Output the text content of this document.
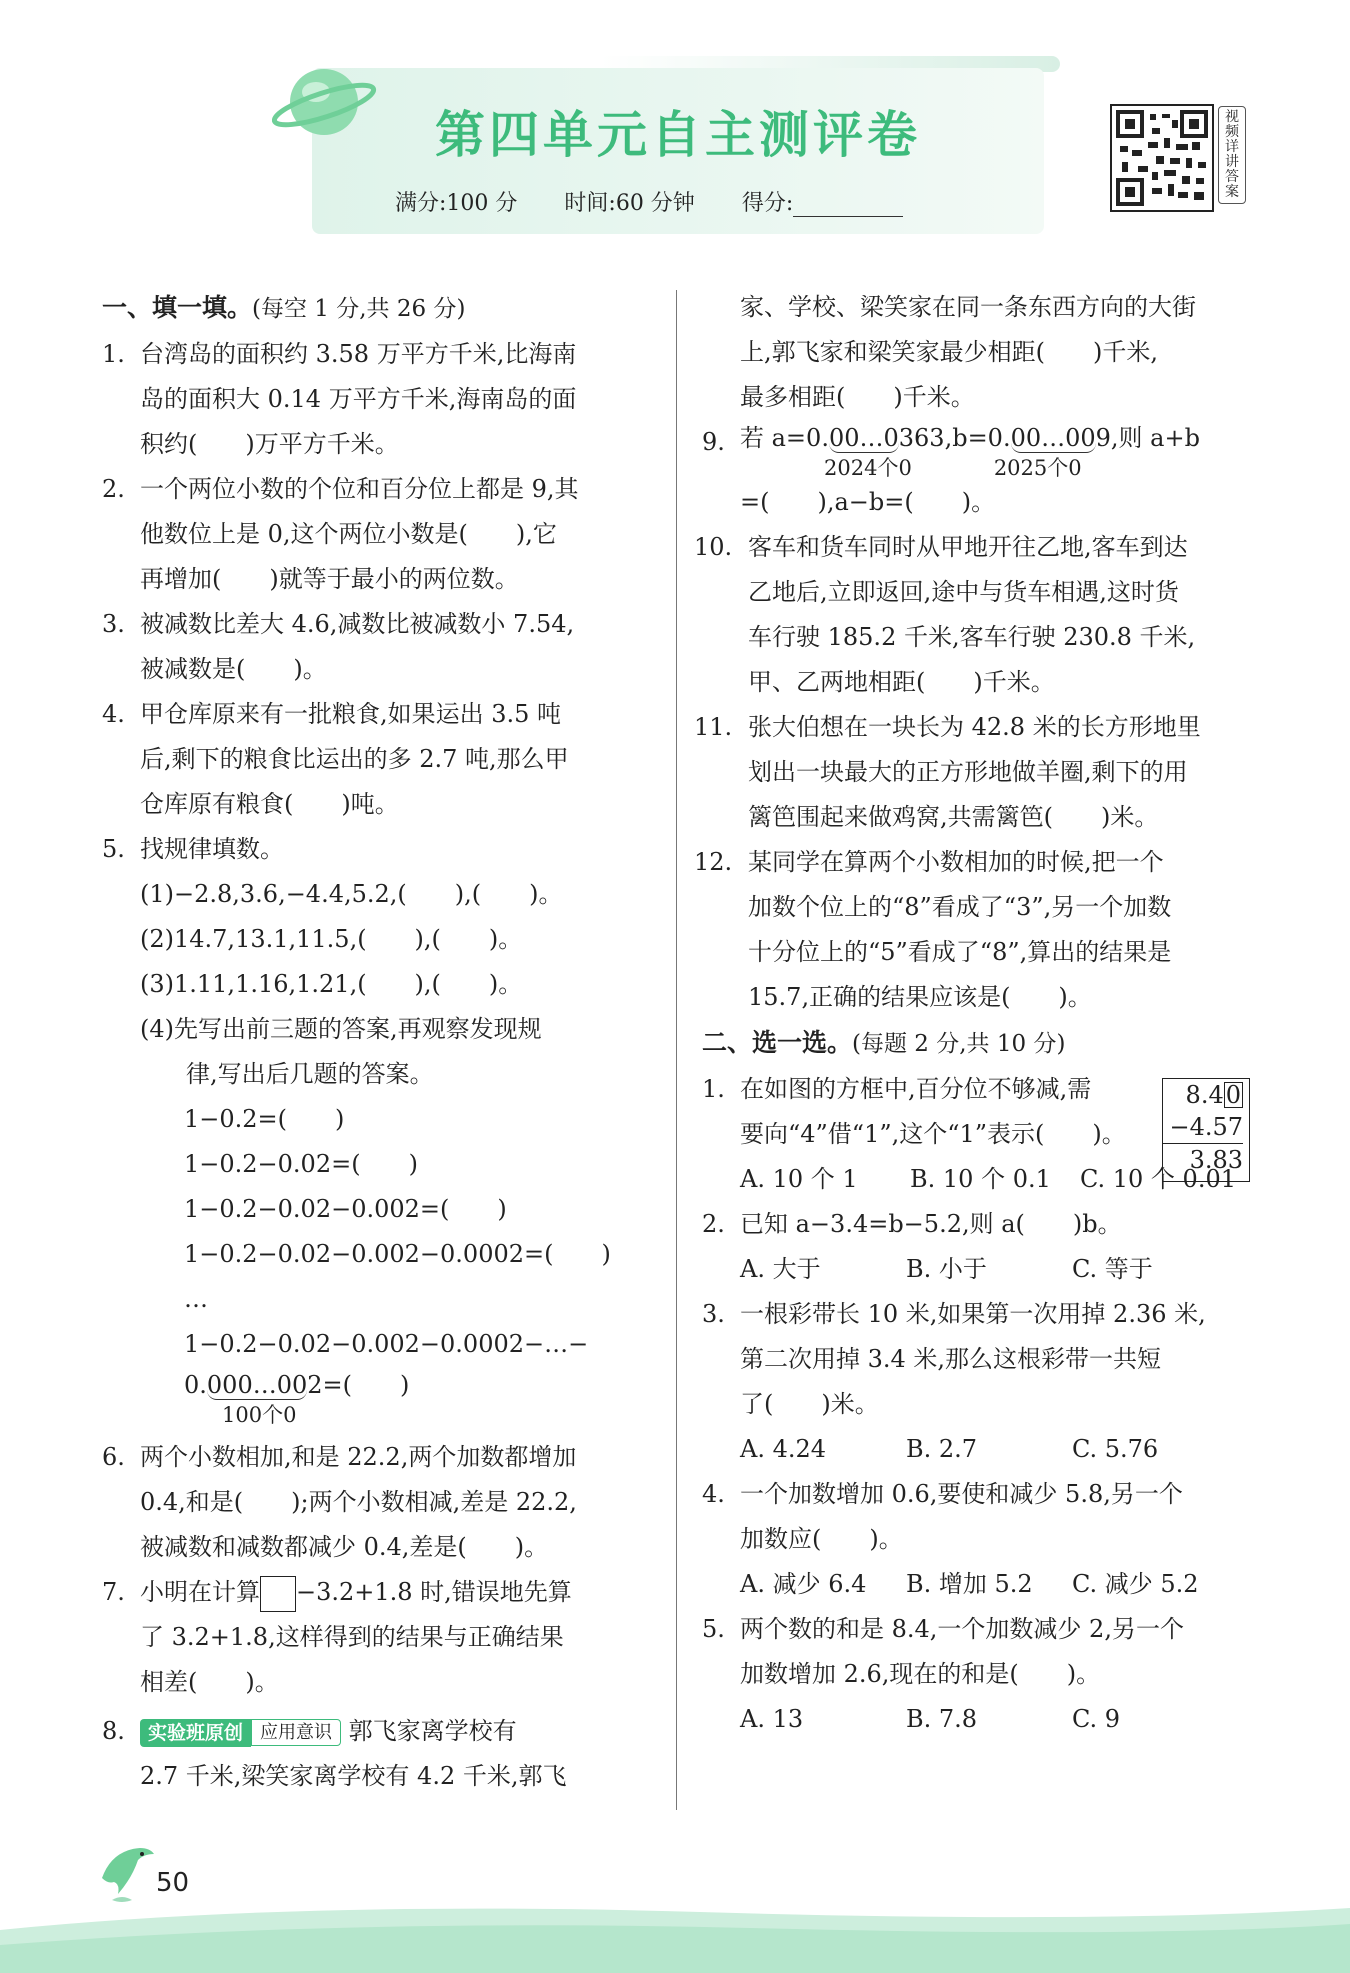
第四单元自主测评卷
满分:100 分 时间:60 分钟 得分:
视频详讲答案
一、填一填。(每空 1 分,共 26 分)
1. 台湾岛的面积约 3.58 万平方千米,比海南
岛的面积大 0.14 万平方千米,海南岛的面
积约(　　)万平方千米。
2. 一个两位小数的个位和百分位上都是 9,其
他数位上是 0,这个两位小数是(　　),它
再增加(　　)就等于最小的两位数。
3. 被减数比差大 4.6,减数比被减数小 7.54,
被减数是(　　)。
4. 甲仓库原来有一批粮食,如果运出 3.5 吨
后,剩下的粮食比运出的多 2.7 吨,那么甲
仓库原有粮食(　　)吨。
5. 找规律填数。
(1)−2.8,3.6,−4.4,5.2,(　　),(　　)。
(2)14.7,13.1,11.5,(　　),(　　)。
(3)1.11,1.16,1.21,(　　),(　　)。
(4)先写出前三题的答案,再观察发现规
律,写出后几题的答案。
1−0.2=(　　)
1−0.2−0.02=(　　)
1−0.2−0.02−0.002=(　　)
1−0.2−0.02−0.002−0.0002=(　　)
…
1−0.2−0.02−0.002−0.0002−…−
0.000…002=(　　)
100个0
6. 两个小数相加,和是 22.2,两个加数都增加
0.4,和是(　　);两个小数相减,差是 22.2,
被减数和减数都减少 0.4,差是(　　)。
7. 小明在计算 −3.2+1.8 时,错误地先算
了 3.2+1.8,这样得到的结果与正确结果
相差(　　)。
8.	实验班原创 应用意识 郭飞家离学校有
2.7 千米,梁笑家离学校有 4.2 千米,郭飞
家、学校、梁笑家在同一条东西方向的大街
上,郭飞家和梁笑家最少相距(　　)千米,
最多相距(　　)千米。
9. 若 a=0.00…0363,b=0.00…009,则 a+b
2024个0	2025个0
=(　　),a−b=(　　)。
10. 客车和货车同时从甲地开往乙地,客车到达
乙地后,立即返回,途中与货车相遇,这时货
车行驶 185.2 千米,客车行驶 230.8 千米,
甲、乙两地相距(　　)千米。
11. 张大伯想在一块长为 42.8 米的长方形地里
划出一块最大的正方形地做羊圈,剩下的用
篱笆围起来做鸡窝,共需篱笆(　　)米。
12. 某同学在算两个小数相加的时候,把一个
加数个位上的“8”看成了“3”,另一个加数
十分位上的“5”看成了“8”,算出的结果是
15.7,正确的结果应该是(　　)。
二、选一选。(每题 2 分,共 10 分)
1. 在如图的方框中,百分位不够减,需
要向“4”借“1”,这个“1”表示(　　)。
A. 10 个 1 B. 10 个 0.1 C. 10 个 0.01
2. 已知 a−3.4=b−5.2,则 a(　　)b。
A. 大于	B. 小于	C. 等于
3. 一根彩带长 10 米,如果第一次用掉 2.36 米,
第二次用掉 3.4 米,那么这根彩带一共短
了(　　)米。
A. 4.24	B. 2.7	C. 5.76
4. 一个加数增加 0.6,要使和减少 5.8,另一个
加数应(　　)。
A. 减少 6.4 B. 增加 5.2 C. 减少 5.2
5. 两个数的和是 8.4,一个加数减少 2,另一个
加数增加 2.6,现在的和是(　　)。
A. 13	B. 7.8	C. 9
8.40
−4.57
3.83
50
